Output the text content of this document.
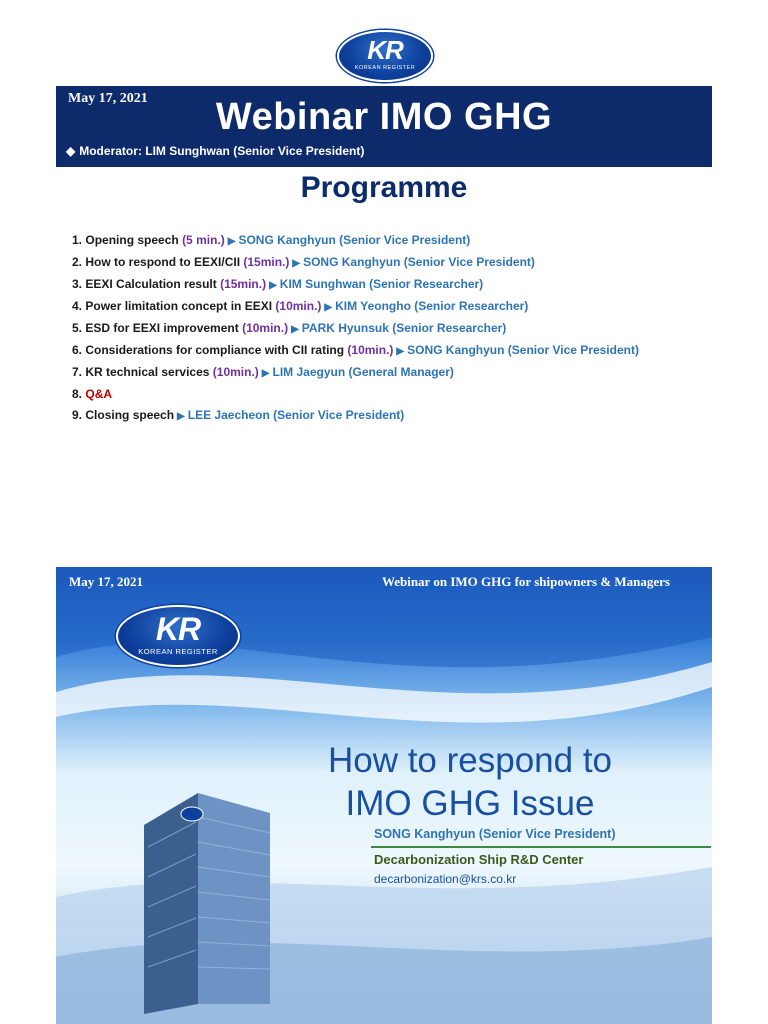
KR
KOREAN REGISTER
May 17, 2021	Webinar IMO GHG
◆ Moderator: LIM Sunghwan (Senior Vice President)
Programme
1. Opening speech (5 min.) ▶ SONG Kanghyun (Senior Vice President)
2. How to respond to EEXI/CII (15min.) ▶ SONG Kanghyun (Senior Vice President)
3. EEXI Calculation result (15min.) ▶ KIM Sunghwan (Senior Researcher)
4. Power limitation concept in EEXI (10min.) ▶ KIM Yeongho (Senior Researcher)
5. ESD for EEXI improvement (10min.) ▶ PARK Hyunsuk (Senior Researcher)
6. Considerations for compliance with CII rating (10min.) ▶ SONG Kanghyun (Senior Vice President)
7. KR technical services (10min.) ▶ LIM Jaegyun (General Manager)
8. Q&A
9. Closing speech ▶ LEE Jaecheon (Senior Vice President)
May 17, 2021	Webinar on IMO GHG for shipowners & Managers
KR
KOREAN REGISTER
How to respond to
IMO GHG Issue
SONG Kanghyun (Senior Vice President)
Decarbonization Ship R&D Center
decarbonization@krs.co.kr
